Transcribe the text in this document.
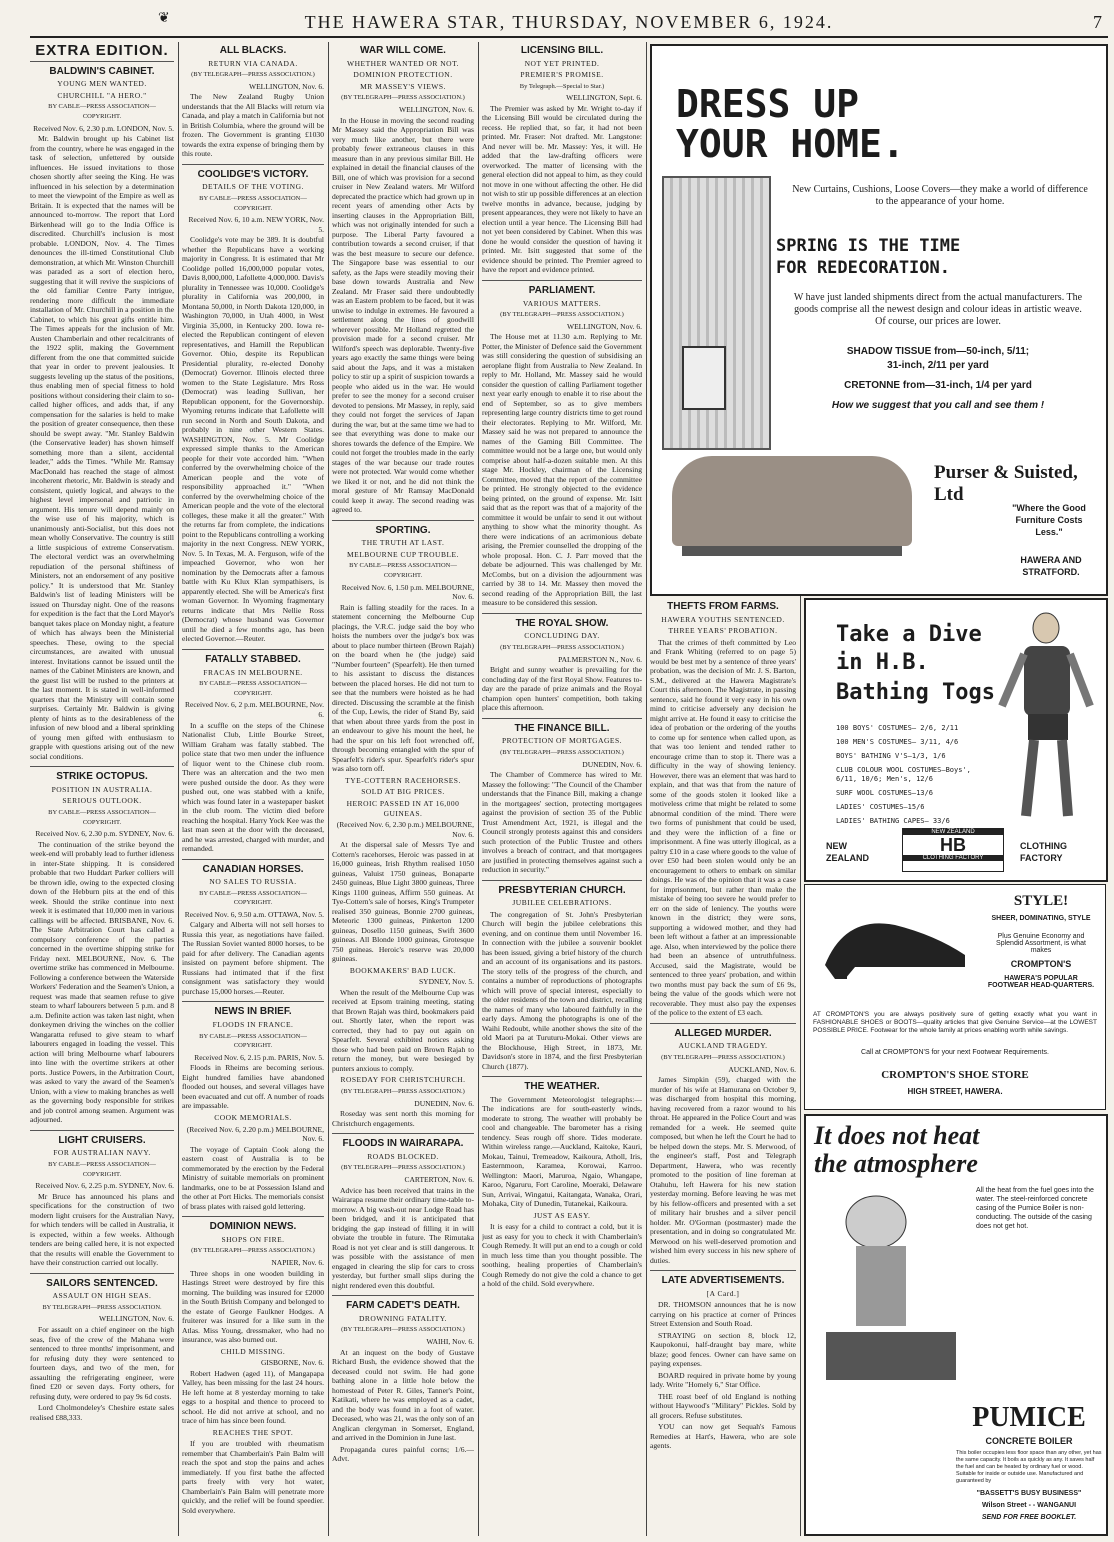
❦	THE HAWERA STAR, THURSDAY, NOVEMBER 6, 1924.	7
EXTRA EDITION.
BALDWIN'S CABINET.
YOUNG MEN WANTED.
CHURCHILL "A HERO."
BY CABLE—PRESS ASSOCIATION—COPYRIGHT.
Received Nov. 6, 2.30 p.m. LONDON, Nov. 5.

Mr. Baldwin brought up his Cabinet list from the country, where he was engaged in the task of selection, unfettered by outside influences. He issued invitations to those chosen shortly after seeing the King. He was influenced in his selection by a determination to meet the viewpoint of the Empire as well as Britain. It is expected that the names will be announced to-morrow. The report that Lord Birkenhead will go to the India Office is discredited. Churchill's inclusion is most probable. LONDON, Nov. 4. The Times denounces the ill-timed Constitutional Club demonstration, at which Mr. Winston Churchill was paraded as a sort of election hero, suggesting that it will revive the suspicions of the old familiar Centre Party intrigue, rendering more difficult the immediate installation of Mr. Churchill in a position in the Cabinet, to which his great gifts entitle him. The Times appeals for the inclusion of Mr. Austen Chamberlain and other recalcitrants of the 1922 split, making the Government different from the one that committed suicide that year in order to prevent jealousies. It suggests leveling up the status of the positions, thus enabling men of special fitness to hold positions without considering their claim to so-called higher offices, and adds that, if any compensation for the salaries is held to make the position of greater consequence, then these should be swept away. "Mr. Stanley Baldwin (the Conservative leader) has shown himself something more than a silent, accidental leader," adds the Times. "While Mr. Ramsay MacDonald has reached the stage of almost incoherent rhetoric, Mr. Baldwin is steady and consistent, quietly logical, and always to the highest level impersonal and patriotic in argument. His tenure will depend mainly on the wise use of his majority, which is unanimously anti-Socialist, but this does not mean wholly Conservative. The country is still a little suspicious of extreme Conservatism. The electoral verdict was an overwhelming repudiation of the personal shiftiness of Ministers, not an endorsement of any positive policy." It is understood that Mr. Stanley Baldwin's list of leading Ministers will be issued on Thursday night. One of the reasons for expedition is the fact that the Lord Mayor's banquet takes place on Monday night, a feature of which has always been the Ministerial speeches. These, owing to the special circumstances, are awaited with unusual interest. Invitations cannot be issued until the names of the Cabinet Ministers are known, and the guest list will be rushed to the printers at the last moment. It is stated in well-informed quarters that the Ministry will contain some surprises. Certainly Mr. Baldwin is giving plenty of hints as to the desirableness of the infusion of new blood and a liberal sprinkling of young men gifted with enthusiasm to grapple with questions arising out of the new social conditions.

STRIKE OCTOPUS.
POSITION IN AUSTRALIA.
SERIOUS OUTLOOK.
BY CABLE—PRESS ASSOCIATION—COPYRIGHT.
Received Nov. 6, 2.30 p.m. SYDNEY, Nov. 6.

The continuation of the strike beyond the week-end will probably lead to further idleness in inter-State shipping. It is considered probable that two Huddart Parker colliers will be thrown idle, owing to the expected closing down of the Hebburn pits at the end of this week. Should the strike continue into next week it is estimated that 10,000 men in various callings will be affected. BRISBANE, Nov. 6. The State Arbitration Court has called a compulsory conference of the parties concerned in the overtime shipping strike for Friday next. MELBOURNE, Nov. 6. The overtime strike has commenced in Melbourne. Following a conference between the Waterside Workers' Federation and the Seamen's Union, a request was made that seamen refuse to give steam to wharf labourers between 5 p.m. and 8 a.m. Definite action was taken last night, when donkeymen driving the winches on the collier Wangaratta refused to give steam to wharf labourers engaged in loading the vessel. This action will bring Melbourne wharf labourers into line with the overtime strikers at other ports. Justice Powers, in the Arbitration Court, was asked to vary the award of the Seamen's Union, with a view to making branches as well as the governing body responsible for strikes and job control among seamen. Argument was adjourned.

LIGHT CRUISERS.
FOR AUSTRALIAN NAVY.
BY CABLE—PRESS ASSOCIATION—COPYRIGHT.
Received Nov. 6, 2.25 p.m. SYDNEY, Nov. 6.

Mr Bruce has announced his plans and specifications for the construction of two modern light cruisers for the Australian Navy, for which tenders will be called in Australia, it is expected, within a few weeks. Although tenders are being called here, it is not expected that the results will enable the Government to have their construction carried out locally.

SAILORS SENTENCED.
ASSAULT ON HIGH SEAS.
BY TELEGRAPH—PRESS ASSOCIATION.
WELLINGTON, Nov. 6.

For assault on a chief engineer on the high seas, five of the crew of the Mahana were sentenced to three months' imprisonment, and for refusing duty they were sentenced to fourteen days, and two of the men, for assaulting the refrigerating engineer, were fined £20 or seven days. Forty others, for refusing duty, were ordered to pay 9s 6d costs.

Lord Cholmondeley's Cheshire estate sales realised £88,333.

ALL BLACKS.
RETURN VIA CANADA.
(BY TELEGRAPH—PRESS ASSOCIATION.)
WELLINGTON, Nov. 6.

The New Zealand Rugby Union understands that the All Blacks will return via Canada, and play a match in California but not in British Columbia, where the ground will be frozen. The Government is granting £1030 towards the extra expense of bringing them by this route.

COOLIDGE'S VICTORY.
DETAILS OF THE VOTING.
BY CABLE—PRESS ASSOCIATION—COPYRIGHT.
Received Nov. 6, 10 a.m. NEW YORK, Nov. 5.

Coolidge's vote may be 389. It is doubtful whether the Republicans have a working majority in Congress. It is estimated that Mr Coolidge polled 16,000,000 popular votes, Davis 8,000,000, Lafollette 4,000,000. Davis's plurality in Tennessee was 10,000. Coolidge's plurality in California was 200,000, in Montana 50,000, in North Dakota 120,000, in Washington 70,000, in Utah 4000, in West Virginia 35,000, in Kentucky 200. Iowa re-elected the Republican contingent of eleven representatives, and Hamill the Republican Governor. Ohio, despite its Republican Presidential plurality, re-elected Donohy (Democrat) Governor. Illinois elected three women to the State Legislature. Mrs Ross (Democrat) was leading Sullivan, her Republican opponent, for the Governorship. Wyoming returns indicate that Lafollette will run second in North and South Dakota, and probably in nine other Western States. WASHINGTON, Nov. 5. Mr Coolidge expressed simple thanks to the American people for their vote accorded him. "When conferred by the overwhelming choice of the American people and the vote of responsibility approached it." "When conferred by the overwhelming choice of the American people and the vote of the electoral colleges, these make it all the greater." With the returns far from complete, the indications point to the Republicans controlling a working majority in the next Congress. NEW YORK, Nov. 5. In Texas, M. A. Ferguson, wife of the impeached Governor, who won her nomination by the Democrats after a famous battle with Ku Klux Klan sympathisers, is apparently elected. She will be America's first woman Governor. In Wyoming fragmentary returns indicate that Mrs Nellie Ross (Democrat) whose husband was Governor until he died a few months ago, has been elected Governor.—Reuter.

FATALLY STABBED.
FRACAS IN MELBOURNE.
BY CABLE—PRESS ASSOCIATION—COPYRIGHT.
Received Nov. 6, 2 p.m. MELBOURNE, Nov. 6.

In a scuffle on the steps of the Chinese Nationalist Club, Little Bourke Street, William Graham was fatally stabbed. The police state that two men under the influence of liquor went to the Chinese club room. There was an altercation and the two men were pushed outside the door. As they were pushed out, one was stabbed with a knife, which was found later in a wastepaper basket in the club room. The victim died before reaching the hospital. Harry Yock Kee was the last man seen at the door with the deceased, and he was arrested, charged with murder, and remanded.

CANADIAN HORSES.
NO SALES TO RUSSIA.
BY CABLE—PRESS ASSOCIATION—COPYRIGHT.
Received Nov. 6, 9.50 a.m. OTTAWA, Nov. 5.

Calgary and Alberta will not sell horses to Russia this year, as negotiations have failed. The Russian Soviet wanted 8000 horses, to be paid for after delivery. The Canadian agents insisted on payment before shipment. The Russians had intimated that if the first consignment was satisfactory they would purchase 15,000 horses.—Reuter.

NEWS IN BRIEF.
FLOODS IN FRANCE.
BY CABLE—PRESS ASSOCIATION—COPYRIGHT.
Received Nov. 6, 2.15 p.m. PARIS, Nov. 5.

Floods in Rheims are becoming serious. Eight hundred families have abandoned flooded out houses, and several villages have been evacuated and cut off. A number of roads are impassable.

COOK MEMORIALS.
(Received Nov. 6, 2.20 p.m.) MELBOURNE, Nov. 6.

The voyage of Captain Cook along the eastern coast of Australia is to be commemorated by the erection by the Federal Ministry of suitable memorials on prominent landmarks, one to be at Possession Island and the other at Port Hicks. The memorials consist of brass plates with raised gold lettering.

DOMINION NEWS.
SHOPS ON FIRE.
(BY TELEGRAPH—PRESS ASSOCIATION.)
NAPIER, Nov. 6.

Three shops in one wooden building in Hastings Street were destroyed by fire this morning. The building was insured for £2000 in the South British Company and belonged to the estate of George Faulkner Hodges. A fruiterer was insured for a like sum in the Atlas. Miss Young, dressmaker, who had no insurance, was also burned out.

CHILD MISSING.
GISBORNE, Nov. 6.

Robert Hadwen (aged 11), of Mangapapa Valley, has been missing for the last 24 hours. He left home at 8 yesterday morning to take eggs to a hospital and thence to proceed to school. He did not arrive at school, and no trace of him has since been found.

REACHES THE SPOT.

If you are troubled with rheumatism remember that Chamberlain's Pain Balm will reach the spot and stop the pains and aches immediately. If you first bathe the affected parts freely with very hot water, Chamberlain's Pain Balm will penetrate more quickly, and the relief will be found speedier. Sold everywhere.

WAR WILL COME.
WHETHER WANTED OR NOT.
DOMINION PROTECTION.
MR MASSEY'S VIEWS.
(BY TELEGRAPH—PRESS ASSOCIATION.)
WELLINGTON, Nov. 6.

In the House in moving the second reading Mr Massey said the Appropriation Bill was very much like another, but there were probably fewer extraneous clauses in this measure than in any previous similar Bill. He explained in detail the financial clauses of the Bill, one of which was provision for a second cruiser in New Zealand waters. Mr Wilford deprecated the practice which had grown up in recent years of amending other Acts by inserting clauses in the Appropriation Bill, which was not originally intended for such a purpose. The Liberal Party favoured a contribution towards a second cruiser, if that was the best measure to secure our defence. The Singapore base was essential to our safety, as the Japs were steadily moving their base down towards Australia and New Zealand. Mr Fraser said there undoubtedly was an Eastern problem to be faced, but it was unwise to indulge in extremes. He favoured a settlement along the lines of goodwill wherever possible. Mr Holland regretted the provision made for a second cruiser. Mr Wilford's speech was deplorable. Twenty-five years ago exactly the same things were being said about the Japs, and it was a mistaken policy to stir up a spirit of suspicion towards a people who aided us in the war. He would prefer to see the money for a second cruiser devoted to pensions. Mr Massey, in reply, said they could not forget the services of Japan during the war, but at the same time we had to see that everything was done to make our shores towards the defence of the Empire. We could not forget the troubles made in the early stages of the war because our trade routes were not protected. War would come whether we liked it or not, and he did not think the moral gesture of Mr Ramsay MacDonald could keep it away. The second reading was agreed to.

SPORTING.
THE TRUTH AT LAST.
MELBOURNE CUP TROUBLE.
BY CABLE—PRESS ASSOCIATION—COPYRIGHT.
Received Nov. 6, 1.50 p.m. MELBOURNE, Nov. 6.

Rain is falling steadily for the races. In a statement concerning the Melbourne Cup placings, the V.R.C. judge said the boy who hoists the numbers over the judge's box was about to place number thirteen (Brown Rajah) on the board when he (the judge) said "Number fourteen" (Spearfelt). He then turned to his assistant to discuss the distances between the placed horses. He did not turn to see that the numbers were hoisted as he had directed. Discussing the scramble at the finish of the Cup, Lewis, the rider of Stand By, said that when about three yards from the post in an endeavour to give his mount the heel, he had the spur on his left foot wrenched off, through becoming entangled with the spur of Spearfelt's rider's spur. Spearfelt's rider's spur was also torn off.

TYE-COTTERN RACEHORSES.
SOLD AT BIG PRICES.
HEROIC PASSED IN AT 16,000 GUINEAS.
(Received Nov. 6, 2.30 p.m.) MELBOURNE, Nov. 6.

At the dispersal sale of Messrs Tye and Cottern's racehorses, Heroic was passed in at 16,000 guineas, Irish Rhythm realised 1050 guineas, Valuist 1750 guineas, Bonaparte 2450 guineas, Blue Light 3800 guineas, Three Kings 1100 guineas, Affirm 550 guineas. At Tye-Cottern's sale of horses, King's Trumpeter realised 350 guineas, Bonnie 2700 guineas, Meteoric 1300 guineas, Pinkerton 1200 guineas, Dosello 1150 guineas, Swift 3600 guineas. All Blonde 1000 guineas, Grotesque 750 guineas. Heroic's reserve was 20,000 guineas.

BOOKMAKERS' BAD LUCK.
SYDNEY, Nov. 5.

When the result of the Melbourne Cup was received at Epsom training meeting, stating that Brown Rajah was third, bookmakers paid out. Shortly later, when the report was corrected, they had to pay out again on Spearfelt. Several exhibited notices asking those who had been paid on Brown Rajah to return the money, but were besieged by punters anxious to comply.

ROSEDAY FOR CHRISTCHURCH.
(BY TELEGRAPH—PRESS ASSOCIATION.)
DUNEDIN, Nov. 6.

Roseday was sent north this morning for Christchurch engagements.

FLOODS IN WAIRARAPA.
ROADS BLOCKED.
(BY TELEGRAPH—PRESS ASSOCIATION.)
CARTERTON, Nov. 6.

Advice has been received that trains in the Wairarapa resume their ordinary time-table to-morrow. A big wash-out near Lodge Road has been bridged, and it is anticipated that bridging the gap instead of filling it in will obviate the trouble in future. The Rimutaka Road is not yet clear and is still dangerous. It was possible with the assistance of men engaged in clearing the slip for cars to cross yesterday, but further small slips during the night rendered even this doubtful.

FARM CADET'S DEATH.
DROWNING FATALITY.
(BY TELEGRAPH—PRESS ASSOCIATION.)
WAIHI, Nov. 6.

At an inquest on the body of Gustave Richard Bush, the evidence showed that the deceased could not swim. He had gone bathing alone in a little hole below the homestead of Peter R. Giles, Tanner's Point, Katikati, where he was employed as a cadet, and the body was found in a foot of water. Deceased, who was 21, was the only son of an Anglican clergyman in Somerset, England, and arrived in the Dominion in June last.

Propaganda cures painful corns; 1/6.—Advt.

LICENSING BILL.
NOT YET PRINTED.
PREMIER'S PROMISE.
By Telegraph.—Special to Star.)
WELLINGTON, Sept. 6.

The Premier was asked by Mr. Wright to-day if the Licensing Bill would be circulated during the recess. He replied that, so far, it had not been printed. Mr. Fraser: Not drafted. Mr. Langstone: And never will be. Mr. Massey: Yes, it will. He added that the law-drafting officers were overworked. The matter of licensing with the general election did not appeal to him, as they could not move in one without affecting the other. He did not wish to stir up possible differences at an election twelve months in advance, because, judging by present appearances, they were not likely to have an election until a year hence. The Licensing Bill had not yet been considered by Cabinet. When this was done he would consider the question of having it printed. Mr. Isitt suggested that some of the evidence should be printed. The Premier agreed to have the report and evidence printed.

PARLIAMENT.
VARIOUS MATTERS.
(BY TELEGRAPH—PRESS ASSOCIATION.)
WELLINGTON, Nov. 6.

The House met at 11.30 a.m. Replying to Mr. Potter, the Minister of Defence said the Government was still considering the question of subsidising an aeroplane flight from Australia to New Zealand. In reply to Mr. Holland, Mr. Massey said he would consider the question of calling Parliament together next year early enough to enable it to rise about the end of September, so as to give members representing large country districts time to get round their electorates. Replying to Mr. Wilford, Mr. Massey said he was not prepared to announce the names of the Gaming Bill Committee. The committee would not be a large one, but would only comprise about half-a-dozen suitable men. At this stage Mr. Hockley, chairman of the Licensing Committee, moved that the report of the committee be printed. He strongly objected to the evidence being printed, on the ground of expense. Mr. Isitt said that as the report was that of a majority of the committee it would be unfair to send it out without anything to show what the minority thought. As there were indications of an acrimonious debate arising, the Premier counselled the dropping of the whole proposal. Hon. C. J. Parr moved that the debate be adjourned. This was challenged by Mr. McCombs, but on a division the adjournment was carried by 38 to 14. Mr. Massey then moved the second reading of the Appropriation Bill, the last measure to be considered this session.

THE ROYAL SHOW.
CONCLUDING DAY.
(BY TELEGRAPH—PRESS ASSOCIATION.)
PALMERSTON N., Nov. 6.

Bright and sunny weather is prevailing for the concluding day of the first Royal Show. Features to-day are the parade of prize animals and the Royal champion open hunters' competition, both taking place this afternoon.

THE FINANCE BILL.
PROTECTION OF MORTGAGES.
(BY TELEGRAPH—PRESS ASSOCIATION.)
DUNEDIN, Nov. 6.

The Chamber of Commerce has wired to Mr. Massey the following: "The Council of the Chamber understands that the Finance Bill, making a change in the mortgagees' section, protecting mortgagees against the provision of section 35 of the Public Trust Amendment Act, 1921, is illegal and the Council strongly protests against this and considers such protection of the Public Trustee and others involves a breach of contract, and that mortgagees are justified in protecting themselves against such a reduction in security."

PRESBYTERIAN CHURCH.
JUBILEE CELEBRATIONS.

The congregation of St. John's Presbyterian Church will begin the jubilee celebrations this evening, and on continue them until November 16. In connection with the jubilee a souvenir booklet has been issued, giving a brief history of the church and an account of its organisations and its pastors. The story tells of the progress of the church, and contains a number of reproductions of photographs which will prove of special interest, especially to the older residents of the town and district, recalling the names of many who laboured faithfully in the early days. Among the photographs is one of the Waihi Redoubt, while another shows the site of the old Maori pa at Turuturu-Mokai. Other views are the Blockhouse, High Street, in 1873, Mr. Davidson's store in 1874, and the first Presbyterian Church (1877).

THE WEATHER.

The Government Meteorologist telegraphs:— The indications are for south-easterly winds, moderate to strong. The weather will probably be cool and changeable. The barometer has a rising tendency. Seas rough off shore. Tides moderate. Within wireless range.—Auckland, Kaitoke, Kauri, Mokau, Tainui, Tremeadow, Kaikoura, Atholl, Iris, Easternmoon, Karamea, Korowai, Karroo. Wellington: Maori, Maruroa, Ngaio, Whangape, Karoo, Ngaruru, Fort Caroline, Moeraki, Delaware Sun, Arrivai, Wingatui, Kaitangata, Wanaka, Orari, Mohaka, City of Dunedin, Tutanekai, Kaikoura.

JUST AS EASY.

It is easy for a child to contract a cold, but it is just as easy for you to check it with Chamberlain's Cough Remedy. It will put an end to a cough or cold in much less time than you thought possible. The soothing, healing properties of Chamberlain's Cough Remedy do not give the cold a chance to get a hold of the child. Sold everywhere.

DRESS UP
YOUR HOME.
New Curtains, Cushions, Loose Covers—they make a world of difference to the appearance of your home.
SPRING IS THE TIME
FOR REDECORATION.
W have just landed shipments direct from the actual manufacturers. The goods comprise all the newest design and colour ideas in artistic weave. Of course, our prices are lower.
SHADOW TISSUE from—50-inch, 5/11;
31-inch, 2/11 per yard
CRETONNE from—31-inch, 1/4 per yard
How we suggest that you call and see them !
Purser & Suisted, Ltd
"Where the Good Furniture Costs Less."
HAWERA AND STRATFORD.
THEFTS FROM FARMS.
HAWERA YOUTHS SENTENCED.
THREE YEARS' PROBATION.

That the crimes of theft committed by Leo and Frank Whiting (referred to on page 5) would be best met by a sentence of three years' probation, was the decision of Mr. J. S. Barton, S.M., delivered at the Hawera Magistrate's Court this afternoon. The Magistrate, in passing sentence, said he found it very easy in his own mind to criticise adversely any decision he might arrive at. He found it easy to criticise the idea of probation or the ordering of the youths to come up for sentence when called upon, as that was too lenient and tended rather to encourage crime than to stop it. There was a difficulty in the way of showing leniency. However, there was an element that was hard to explain, and that was that from the nature of some of the goods stolen it looked like a motiveless crime that might be related to some abnormal condition of the mind. There were two forms of punishment that could be used, and they were the infliction of a fine or imprisonment. A fine was utterly illogical, as a paltry £10 in a case where goods to the value of over £50 had been stolen would only be an encouragement to others to embark on similar doings. He was of the opinion that it was a case for imprisonment, but rather than make the mistake of being too severe he would prefer to err on the side of leniency. The youths were known in the district; they were sons, supporting a widowed mother, and they had been left without a father at an impressionable age. Also, when interviewed by the police there had been an absence of untruthfulness. Accused, said the Magistrate, would be sentenced to three years' probation, and within two months must pay back the sum of £6 9s, being the value of the goods which were not recoverable. They must also pay the expenses of the police to the extent of £3 each.

ALLEGED MURDER.
AUCKLAND TRAGEDY.
(BY TELEGRAPH—PRESS ASSOCIATION.)
AUCKLAND, Nov. 6.

James Simpkin (59), charged with the murder of his wife at Hamurana on October 9, was discharged from hospital this morning, having recovered from a razor wound to his throat. He appeared in the Police Court and was remanded for a week. He seemed quite composed, but when he left the Court he had to be helped down the steps. Mr. S. Merwood, of the engineer's staff, Post and Telegraph Department, Hawera, who was recently promoted to the position of line foreman at Otahuhu, left Hawera for his new station yesterday morning. Before leaving he was met by his fellow-officers and presented with a set of military hair brushes and a silver pencil holder. Mr. O'Gorman (postmaster) made the presentation, and in doing so congratulated Mr. Merwood on his well-deserved promotion and wished him every success in his new sphere of duties.

LATE ADVERTISEMENTS.
[A Card.]

DR. THOMSON announces that he is now carrying on his practice at corner of Princes Street Extension and South Road.

STRAYING on section 8, block 12, Kaupokonui, half-draught bay mare, white blaze; good fences. Owner can have same on paying expenses.

BOARD required in private home by young lady. Write "Homely 6," Star Office.

THE roast beef of old England is nothing without Haywood's "Military" Pickles. Sold by all grocers. Refuse substitutes.

YOU can now get Sequah's Famous Remedies at Hart's, Hawera, who are sole agents.

Take a Dive
in H.B.
Bathing Togs
100 BOYS' COSTUMES— 2/6, 2/11
100 MEN'S COSTUMES— 3/11, 4/6
BOYS' BATHING V'S—1/3, 1/6
CLUB COLOUR WOOL COSTUMES—Boys', 6/11, 10/6; Men's, 12/6
SURF WOOL COSTUMES—13/6
LADIES' COSTUMES—15/6
LADIES' BATHING CAPES— 33/6
NEW
ZEALAND
NEW ZEALAND
HB
CLOTHING FACTORY
CLOTHING
FACTORY
STYLE!
SHEER, DOMINATING, STYLE
Plus Genuine Economy and Splendid Assortment, is what makes
CROMPTON'S
HAWERA'S POPULAR FOOTWEAR HEAD-QUARTERS.
AT CROMPTON'S you are always positively sure of getting exactly what you want in FASHIONABLE SHOES or BOOTS—quality articles that give Genuine Service—at the LOWEST POSSIBLE PRICE. Footwear for the whole family at prices enabling worth while savings.
Call at CROMPTON'S for your next Footwear Requirements.
CROMPTON'S SHOE STORE
HIGH STREET, HAWERA.
It does not heat
the atmosphere
All the heat from the fuel goes into the water. The steel-reinforced concrete casing of the Pumice Boiler is non-conducting. The outside of the casing does not get hot.
PUMICE
CONCRETE BOILER
This boiler occupies less floor space than any other, yet has the same capacity. It boils as quickly as any. It saves half the fuel and can be heated by ordinary fuel or wood. Suitable for inside or outside use. Manufactured and guaranteed by
"BASSETT'S BUSY BUSINESS"
Wilson Street - - WANGANUI
SEND FOR FREE BOOKLET.
